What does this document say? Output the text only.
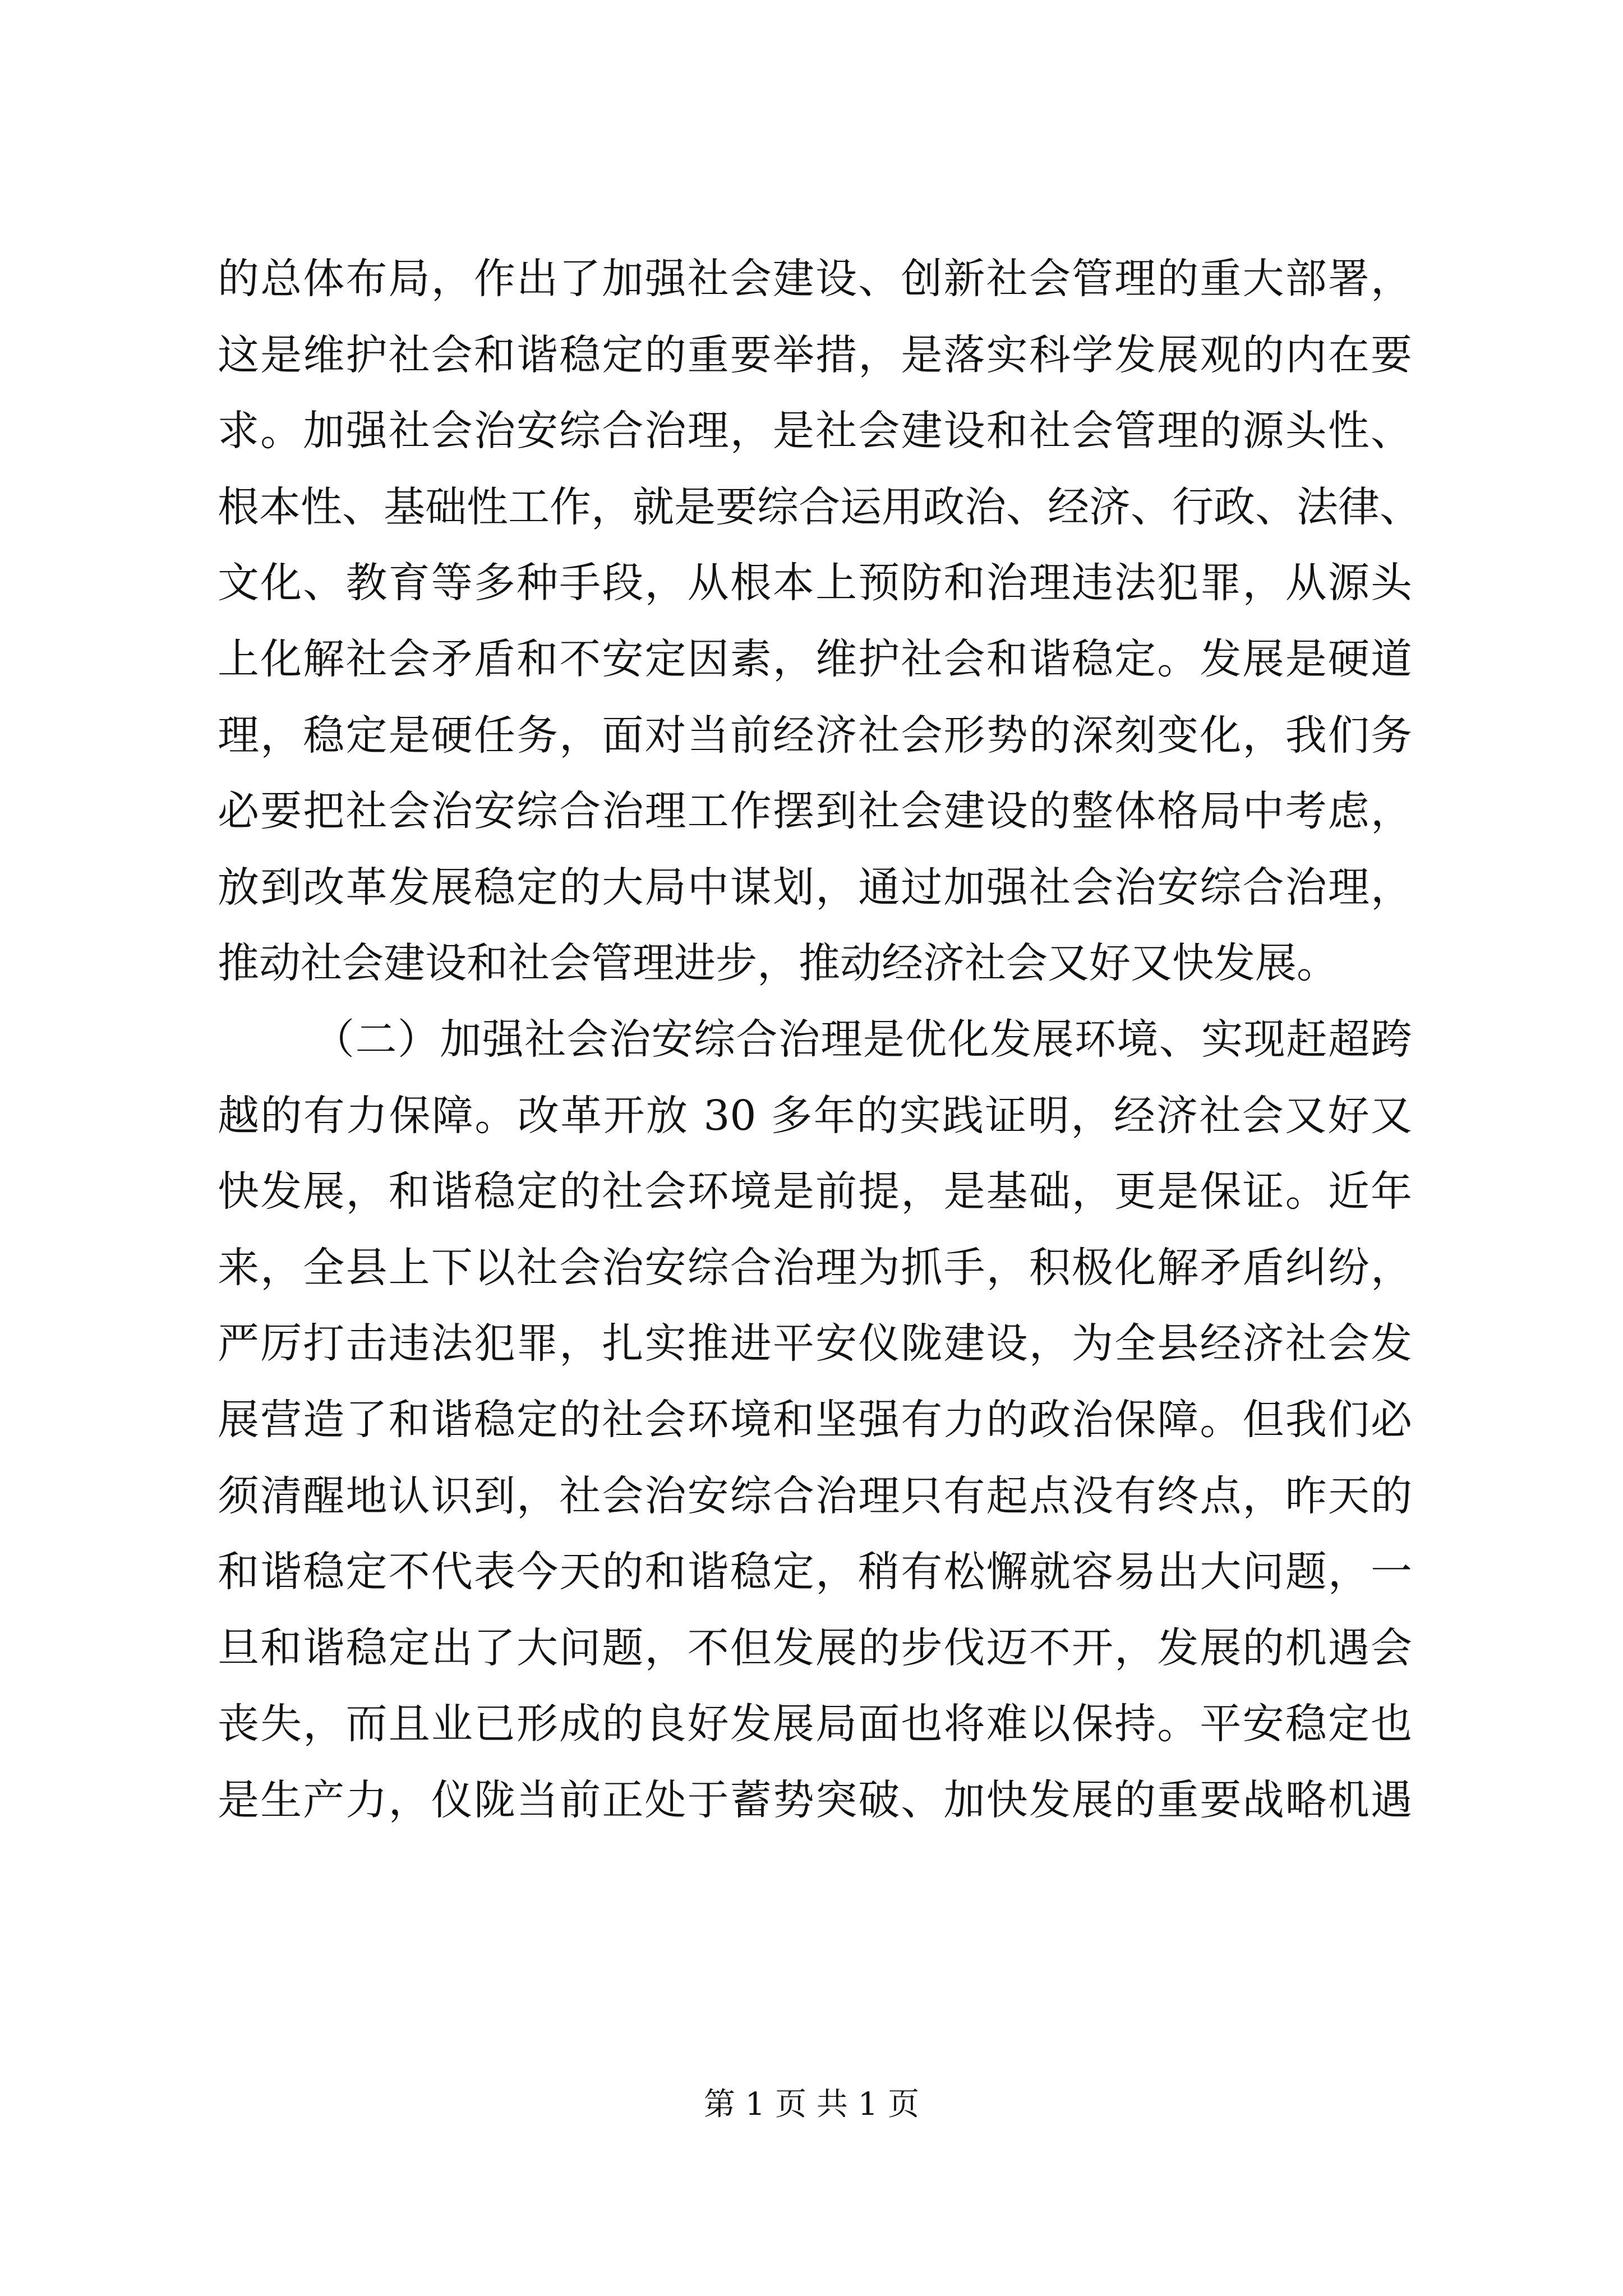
的总体布局，作出了加强社会建设、创新社会管理的重大部署，
这是维护社会和谐稳定的重要举措，是落实科学发展观的内在要
求。加强社会治安综合治理，是社会建设和社会管理的源头性、
根本性、基础性工作，就是要综合运用政治、经济、行政、法律、
文化、教育等多种手段，从根本上预防和治理违法犯罪，从源头
上化解社会矛盾和不安定因素，维护社会和谐稳定。发展是硬道
理，稳定是硬任务，面对当前经济社会形势的深刻变化，我们务
必要把社会治安综合治理工作摆到社会建设的整体格局中考虑，
放到改革发展稳定的大局中谋划，通过加强社会治安综合治理，
推动社会建设和社会管理进步，推动经济社会又好又快发展。
（二）加强社会治安综合治理是优化发展环境、实现赶超跨
越的有力保障。改革开放 30 多年的实践证明，经济社会又好又
快发展，和谐稳定的社会环境是前提，是基础，更是保证。近年
来，全县上下以社会治安综合治理为抓手，积极化解矛盾纠纷，
严厉打击违法犯罪，扎实推进平安仪陇建设，为全县经济社会发
展营造了和谐稳定的社会环境和坚强有力的政治保障。但我们必
须清醒地认识到，社会治安综合治理只有起点没有终点，昨天的
和谐稳定不代表今天的和谐稳定，稍有松懈就容易出大问题，一
旦和谐稳定出了大问题，不但发展的步伐迈不开，发展的机遇会
丧失，而且业已形成的良好发展局面也将难以保持。平安稳定也
是生产力，仪陇当前正处于蓄势突破、加快发展的重要战略机遇
第 1 页 共 1 页
